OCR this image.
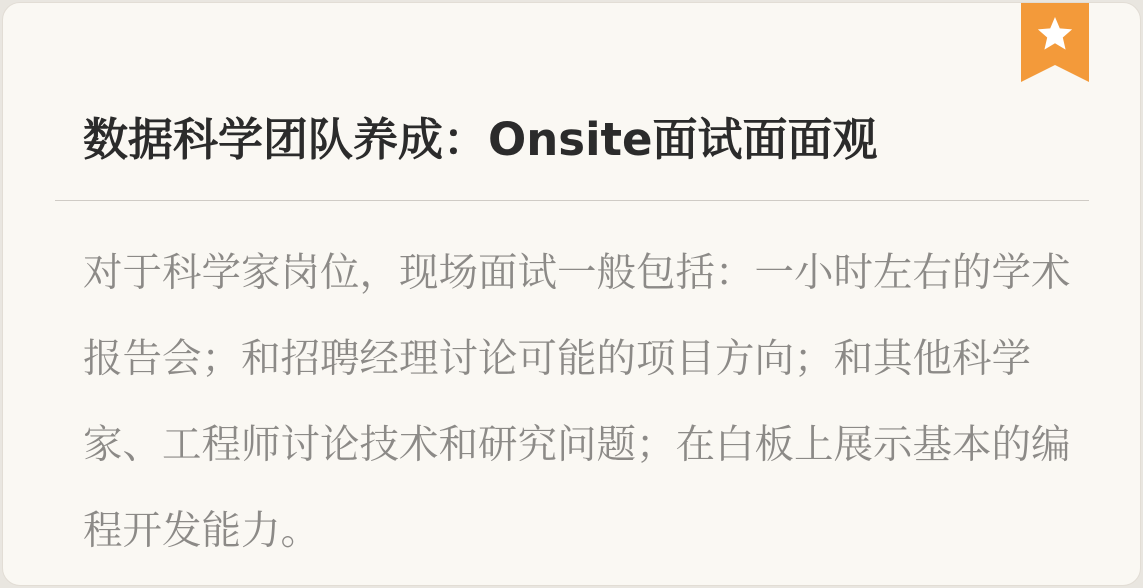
数据科学团队养成：Onsite面试面面观

对于科学家岗位，现场面试一般包括：一小时左右的学术报告会；和招聘经理讨论可能的项目方向；和其他科学家、工程师讨论技术和研究问题；在白板上展示基本的编程开发能力。
